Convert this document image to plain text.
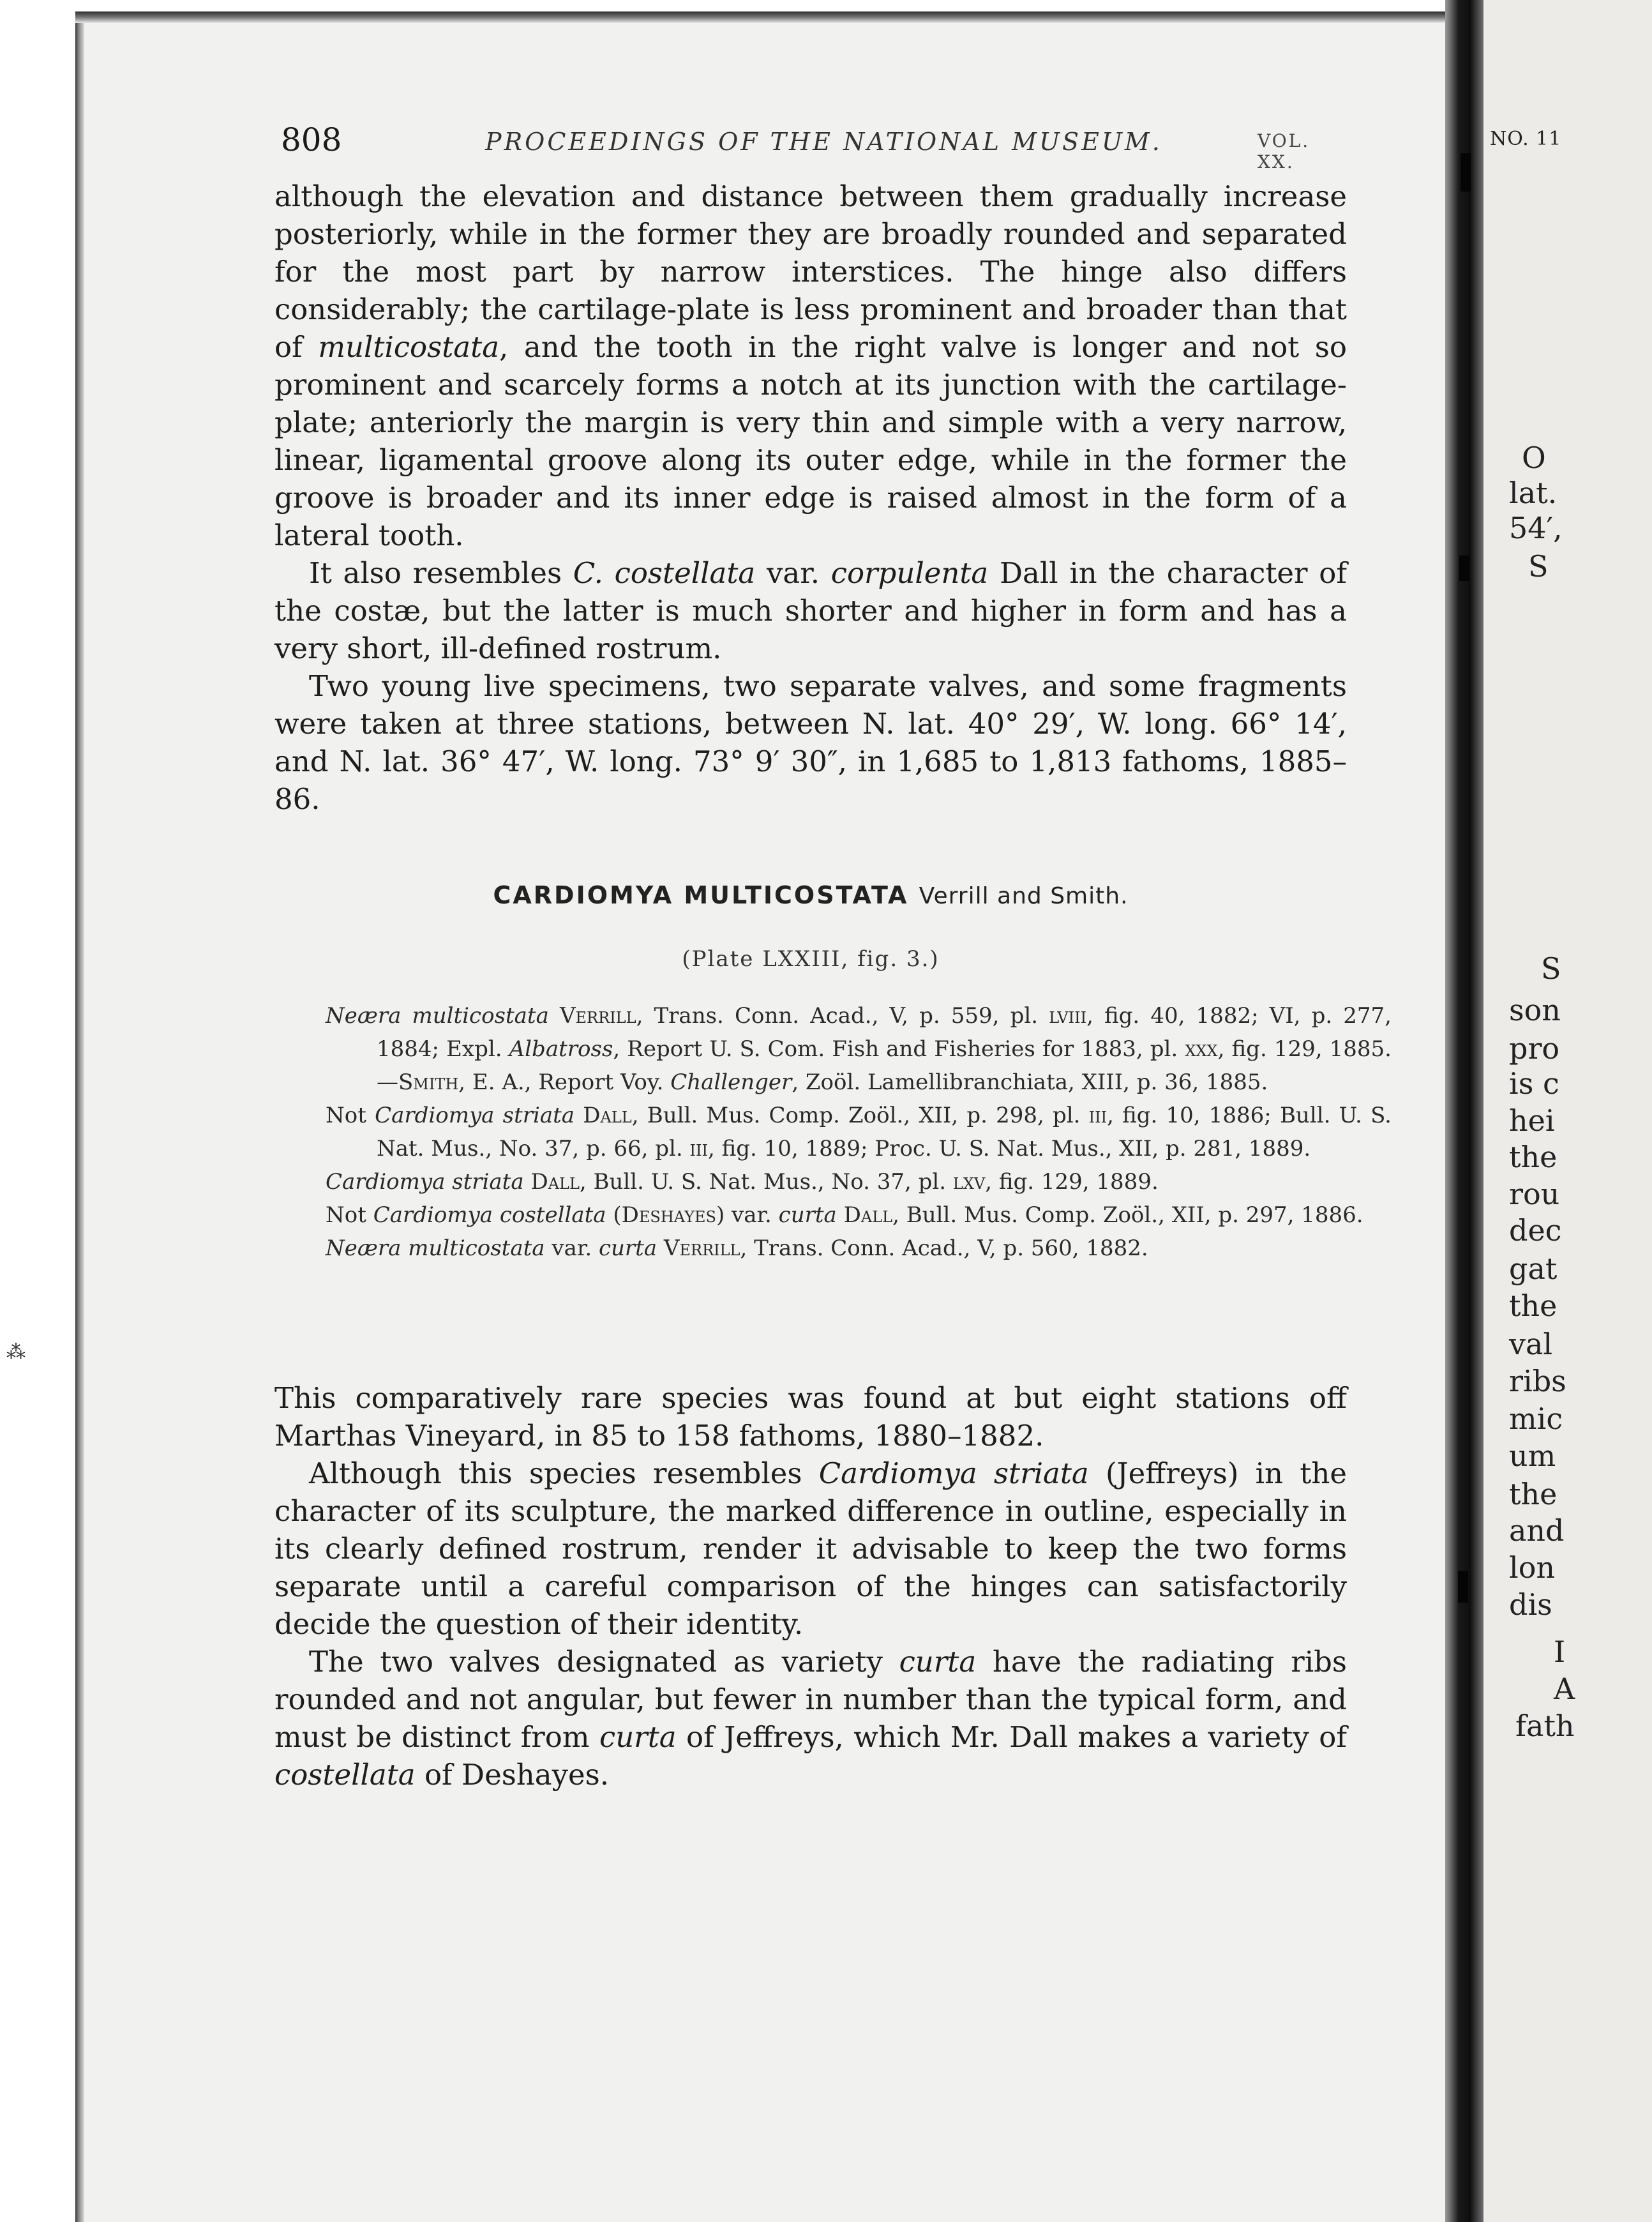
⁂
808	PROCEEDINGS OF THE NATIONAL MUSEUM.	VOL. XX.

although the elevation and distance between them gradually increase posteriorly, while in the former they are broadly rounded and separated for the most part by narrow interstices. The hinge also differs considerably; the cartilage-plate is less prominent and broader than that of multicostata, and the tooth in the right valve is longer and not so prominent and scarcely forms a notch at its junction with the cartilage-plate; anteriorly the margin is very thin and simple with a very narrow, linear, ligamental groove along its outer edge, while in the former the groove is broader and its inner edge is raised almost in the form of a lateral tooth.

It also resembles C. costellata var. corpulenta Dall in the character of the costæ, but the latter is much shorter and higher in form and has a very short, ill-defined rostrum.

Two young live specimens, two separate valves, and some fragments were taken at three stations, between N. lat. 40° 29′, W. long. 66° 14′, and N. lat. 36° 47′, W. long. 73° 9′ 30″, in 1,685 to 1,813 fathoms, 1885–86.

CARDIOMYA MULTICOSTATA Verrill and Smith.
(Plate LXXIII, fig. 3.)

Neæra multicostata Verrill, Trans. Conn. Acad., V, p. 559, pl. lviii, fig. 40, 1882; VI, p. 277, 1884; Expl. Albatross, Report U. S. Com. Fish and Fisheries for 1883, pl. xxx, fig. 129, 1885.—Smith, E. A., Report Voy. Challenger, Zoöl. Lamellibranchiata, XIII, p. 36, 1885.

Not Cardiomya striata Dall, Bull. Mus. Comp. Zoöl., XII, p. 298, pl. iii, fig. 10, 1886; Bull. U. S. Nat. Mus., No. 37, p. 66, pl. iii, fig. 10, 1889; Proc. U. S. Nat. Mus., XII, p. 281, 1889.

Cardiomya striata Dall, Bull. U. S. Nat. Mus., No. 37, pl. lxv, fig. 129, 1889.

Not Cardiomya costellata (Deshayes) var. curta Dall, Bull. Mus. Comp. Zoöl., XII, p. 297, 1886.

Neæra multicostata var. curta Verrill, Trans. Conn. Acad., V, p. 560, 1882.

This comparatively rare species was found at but eight stations off Marthas Vineyard, in 85 to 158 fathoms, 1880–1882.

Although this species resembles Cardiomya striata (Jeffreys) in the character of its sculpture, the marked difference in outline, especially in its clearly defined rostrum, render it advisable to keep the two forms separate until a careful comparison of the hinges can satisfactorily decide the question of their identity.

The two valves designated as variety curta have the radiating ribs rounded and not angular, but fewer in number than the typical form, and must be distinct from curta of Jeffreys, which Mr. Dall makes a variety of costellata of Deshayes.

NO. 11
O
lat.
54′,
S
S
son
pro
is c
hei
the
rou
dec
gat
the
val
ribs
mic
um
the
and
lon
dis
I
A
fath
